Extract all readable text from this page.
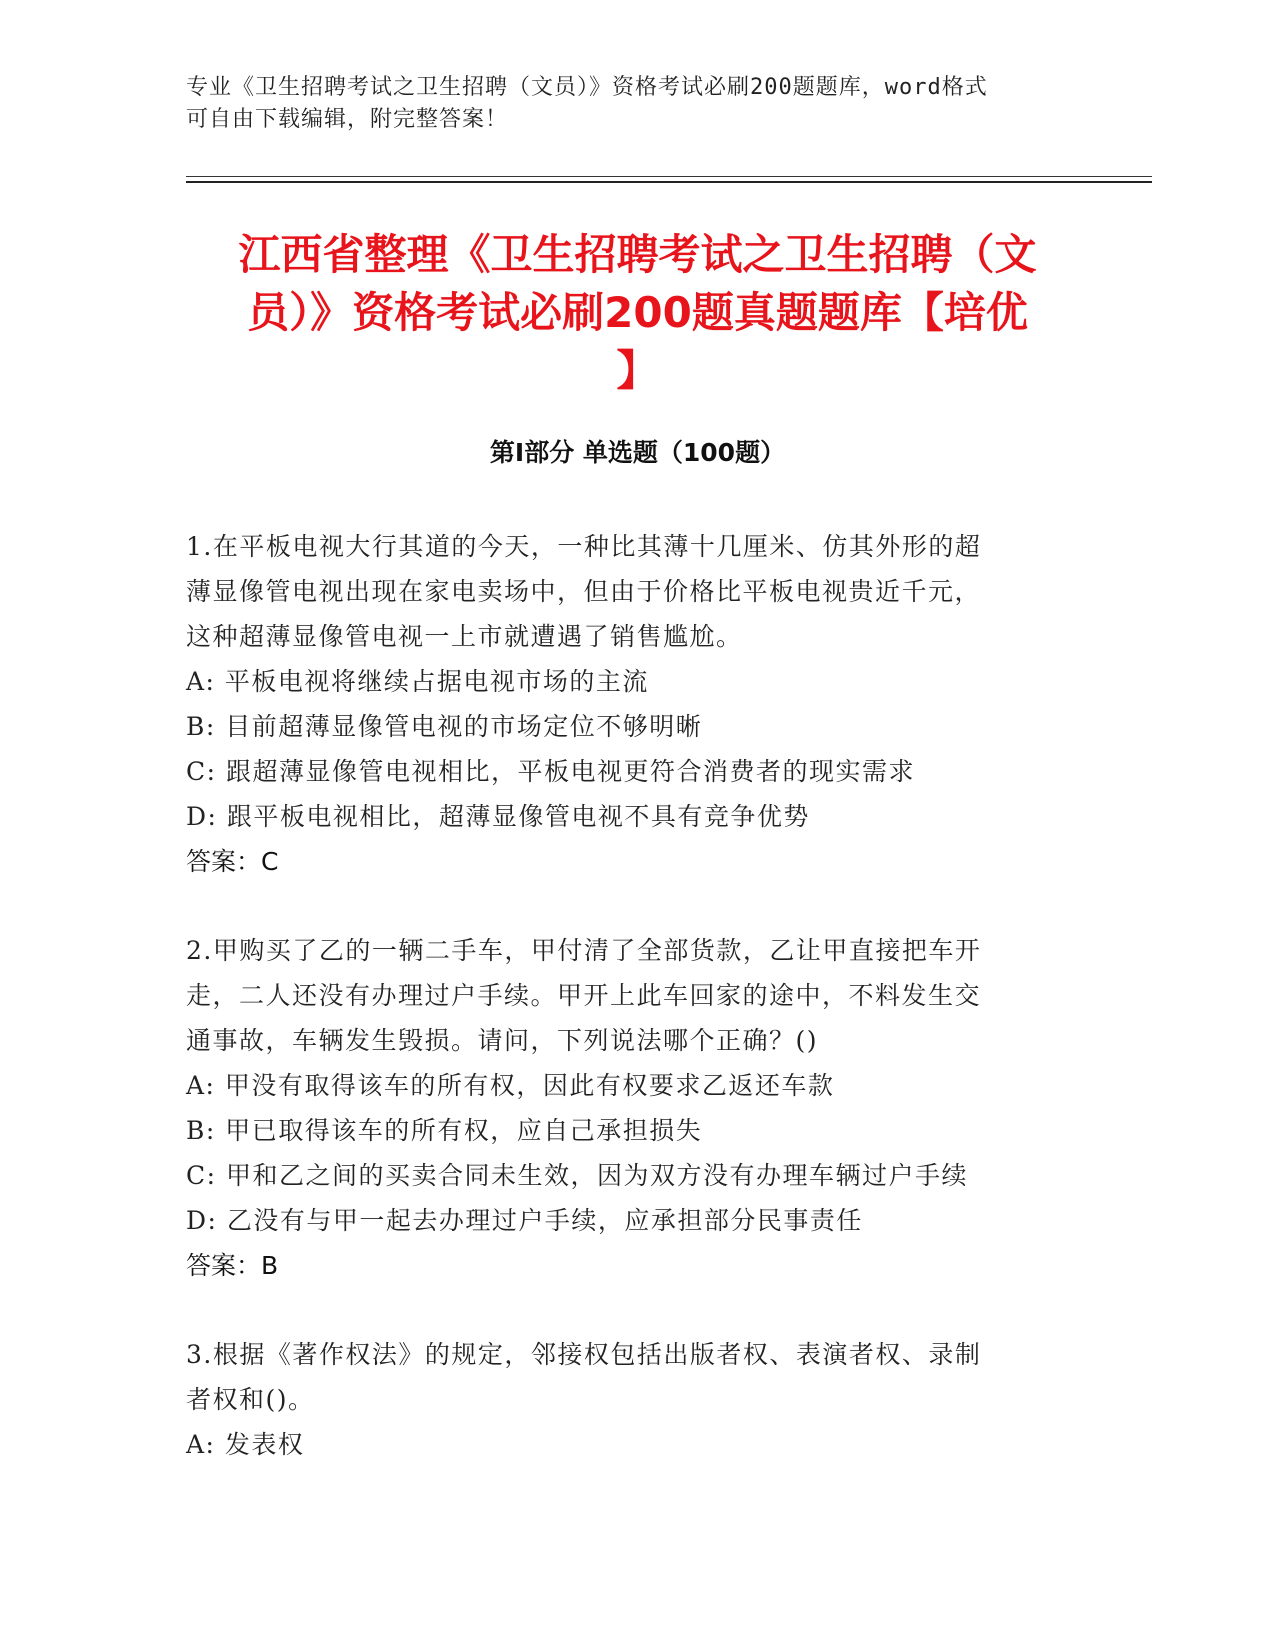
专业《卫生招聘考试之卫生招聘（文员）》资格考试必刷200题题库，word格式
可自由下载编辑，附完整答案！
江西省整理《卫生招聘考试之卫生招聘（文
员）》资格考试必刷200题真题题库【培优
】
第Ⅰ部分 单选题（100题）
1.在平板电视大行其道的今天，一种比其薄十几厘米、仿其外形的超
薄显像管电视出现在家电卖场中，但由于价格比平板电视贵近千元，
这种超薄显像管电视一上市就遭遇了销售尴尬。
A: 平板电视将继续占据电视市场的主流
B: 目前超薄显像管电视的市场定位不够明晰
C: 跟超薄显像管电视相比，平板电视更符合消费者的现实需求
D: 跟平板电视相比，超薄显像管电视不具有竞争优势
答案：C
2.甲购买了乙的一辆二手车，甲付清了全部货款，乙让甲直接把车开
走，二人还没有办理过户手续。甲开上此车回家的途中，不料发生交
通事故，车辆发生毁损。请问，下列说法哪个正确？()
A: 甲没有取得该车的所有权，因此有权要求乙返还车款
B: 甲已取得该车的所有权，应自己承担损失
C: 甲和乙之间的买卖合同未生效，因为双方没有办理车辆过户手续
D: 乙没有与甲一起去办理过户手续，应承担部分民事责任
答案：B
3.根据《著作权法》的规定，邻接权包括出版者权、表演者权、录制
者权和()。
A: 发表权
